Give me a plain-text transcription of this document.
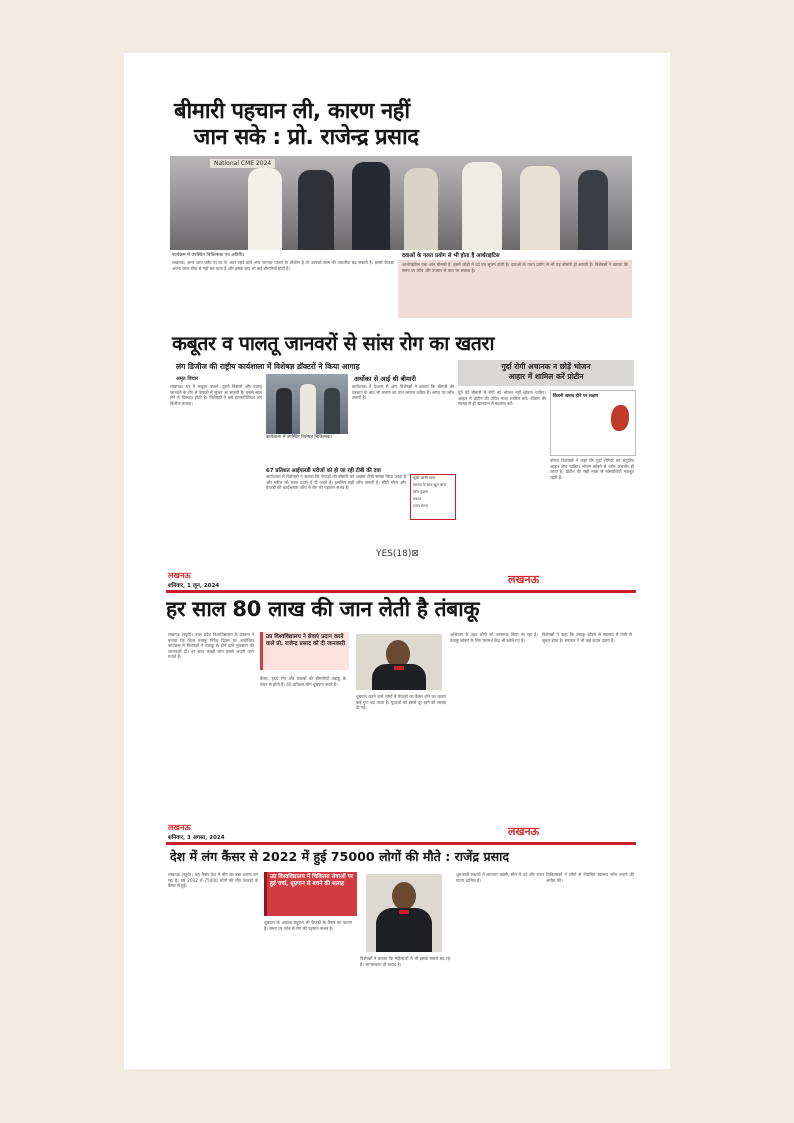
बीमारी पहचान ली, कारण नहीं
जान सके : प्रो. राजेन्द्र प्रसाद
National CME 2024
कार्यक्रम में उपस्थित चिकित्सक एवं अतिथि।	दवाओं के गलत प्रयोग से भी होता है आर्थराइटिस
लखनऊ। अगर आप फ्लैट या घर के अंदर रहते वाले अन्य जानवर पालते के शौकीन है तो आपको सांस की तकलीफ बढ़ सकती है। इससे फेफड़ा अपना काम ठीक से नहीं कर पाता है और इसके बाद भी कई बीमारियाँ होती हैं।
आर्थराइटिस एक आम बीमारी है, इसमें जोड़ों में दर्द एवं सूजन होती है। दवाओं के गलत प्रयोग से भी यह बीमारी हो सकती है। विशेषज्ञों ने बताया कि समय पर जाँच और उपचार से बचा जा सकता है।
कबूतर व पालतू जानवरों से सांस रोग का खतरा
लंग डिजीज की राष्ट्रीय कार्यशाला में विशेषज्ञ डॉक्टरों ने किया आगाह	गुर्दा रोगी अचानक न छोड़ें भोजन
आहार में शामिल करें प्रोटीन
अमृत विचार
लखनऊ। घर में कबूतर पालने, पुराने बिस्तरों और पालतू जानवरों के रोएं से फेफड़ों में सूजन आ सकती है। इससे सांस लेने में दिक्कत होती है। विशेषज्ञों ने इसे इंटरस्टीशियल लंग डिजीज बताया।
कार्यशाला में उपस्थित विशेषज्ञ चिकित्सक।
अर्थोका से आई थी बीमारी
कार्यशाला में देशभर से आए विशेषज्ञों ने बताया कि बीमारी की पहचान के बाद भी कारण का पता लगाना कठिन है। समय पर जाँच जरूरी है।
67 प्रतिशत आईएलडी मरीजों को हो जा रही टीबी की दवा
कार्यशाला में विशेषज्ञों ने बताया कि फेफड़ों की बीमारी को अक्सर टीबी समझ लिया जाता है और मरीज को गलत दवाएं दे दी जाती हैं। इसलिए सही जाँच जरूरी है। सीटी स्कैन और फेफड़ों की कार्यक्षमता जाँच से रोग की पहचान संभव है।
सूखी खांसी आना
बलगम के साथ खून आना
सांस फूलना
थकान
वजन घटना
गुर्दे की बीमारी में रोगी को भोजन नहीं छोड़ना चाहिए। आहार में प्रोटीन की उचित मात्रा शामिल करें। डॉक्टर की सलाह से ही खानपान में बदलाव करें।
किडनी खराब होने पर लक्षण
पोषण विशेषज्ञों ने कहा कि गुर्दा रोगियों को संतुलित आहार लेना चाहिए। भोजन छोड़ने से शरीर कमजोर हो जाता है। प्रोटीन की सही मात्रा से मांसपेशियाँ मजबूत रहती हैं।
YES(18)⊠
लखनऊ
शनिवार, 1 जून, 2024	लखनऊ
हर साल 80 लाख की जान लेती है तंबाकू
लखनऊ (ब्यूरो)। उत्तर प्रदेश विश्वविद्यालय के प्रवक्ता ने बताया कि विश्व तंबाकू निषेध दिवस पर आयोजित कार्यक्रम में विशेषज्ञों ने तंबाकू से होने वाले नुकसान की जानकारी दी। हर साल लाखों लोग इससे अपनी जान गंवाते हैं।
उप्र विश्वविद्यालय ने सेवाएं प्रदान करने वाले प्रो. राजेन्द्र प्रसाद को दी जानकारी
कैंसर, हृदय रोग और फेफड़ों की बीमारियाँ तंबाकू के सेवन से होती हैं। 40 प्रतिशत लोग धूम्रपान करते हैं।
धूम्रपान करने वाले लोगों में फेफड़ों का कैंसर होने का खतरा कई गुना बढ़ जाता है। युवाओं को इससे दूर रहने की सलाह दी गई।
अभियान के तहत लोगों को जागरूक किया जा रहा है। तंबाकू छोड़ने के लिए परामर्श केंद्र भी खोले गए हैं।
विशेषज्ञों ने कहा कि तंबाकू छोड़ने से स्वास्थ्य में तेजी से सुधार होता है। सरकार ने भी कई कदम उठाए हैं।
लखनऊ
शनिवार, 3 अगस्त, 2024	लखनऊ
देश में लंग कैंसर से 2022 में हुई 75000 लोगों की मौते : राजेंद्र प्रसाद
लखनऊ (ब्यूरो)। लंग कैंसर देश में मौत का बड़ा कारण बन रहा है। वर्ष 2022 में 75000 लोगों की मौत फेफड़ों के कैंसर से हुई।
उप्र विश्वविद्यालय में चिकित्सा सेवाओं पर हुई चर्चा, धूम्रपान से बचने की सलाह
धूम्रपान के अलावा प्रदूषण भी फेफड़ों के कैंसर का कारण है। समय पर जाँच से रोग की पहचान संभव है।
विशेषज्ञों ने बताया कि महिलाओं में भी इसके मामले बढ़ रहे हैं। जागरूकता ही बचाव है।
शुरुआती लक्षणों में लगातार खांसी, सीने में दर्द और वजन घटना शामिल हैं।
चिकित्सकों ने लोगों से नियमित स्वास्थ्य जाँच कराने की अपील की।
